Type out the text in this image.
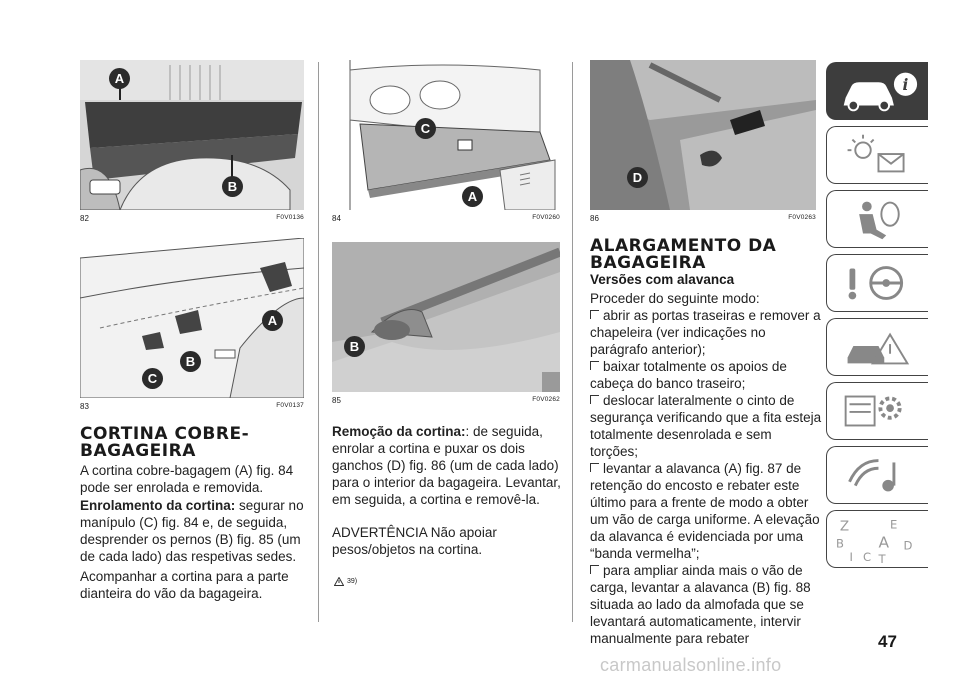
A
B
82	F0V0136
A
B
C
83	F0V0137
CORTINA COBRE-
BAGAGEIRA
A cortina cobre-bagagem (A) fig. 84 pode ser enrolada e removida.
Enrolamento da cortina: segurar no manípulo (C) fig. 84 e, de seguida, desprender os pernos (B) fig. 85 (um de cada lado) das respetivas sedes.
Acompanhar a cortina para a parte dianteira do vão da bagageira.
C
A
84	F0V0260
B
85	F0V0262
Remoção da cortina:: de seguida, enrolar a cortina e puxar os dois ganchos (D) fig. 86 (um de cada lado) para o interior da bagageira. Levantar, em seguida, a cortina e removê-la.
ADVERTÊNCIA Não apoiar pesos/objetos na cortina.
39)
D
86	F0V0263
ALARGAMENTO DA
BAGAGEIRA
Versões com alavanca
Proceder do seguinte modo:
abrir as portas traseiras e remover a chapeleira (ver indicações no parágrafo anterior);
baixar totalmente os apoios de cabeça do banco traseiro;
deslocar lateralmente o cinto de segurança verificando que a fita esteja totalmente desenrolada e sem torções;
levantar a alavanca (A) fig. 87 de retenção do encosto e rebater este último para a frente de modo a obter um vão de carga uniforme. A elevação da alavanca é evidenciada por uma “banda vermelha”;
para ampliar ainda mais o vão de carga, levantar a alavanca (B) fig. 88 situada ao lado da almofada que se levantará automaticamente, intervir manualmente para rebater
i
Z	E
B A D
I C T
47
carmanualsonline.info
